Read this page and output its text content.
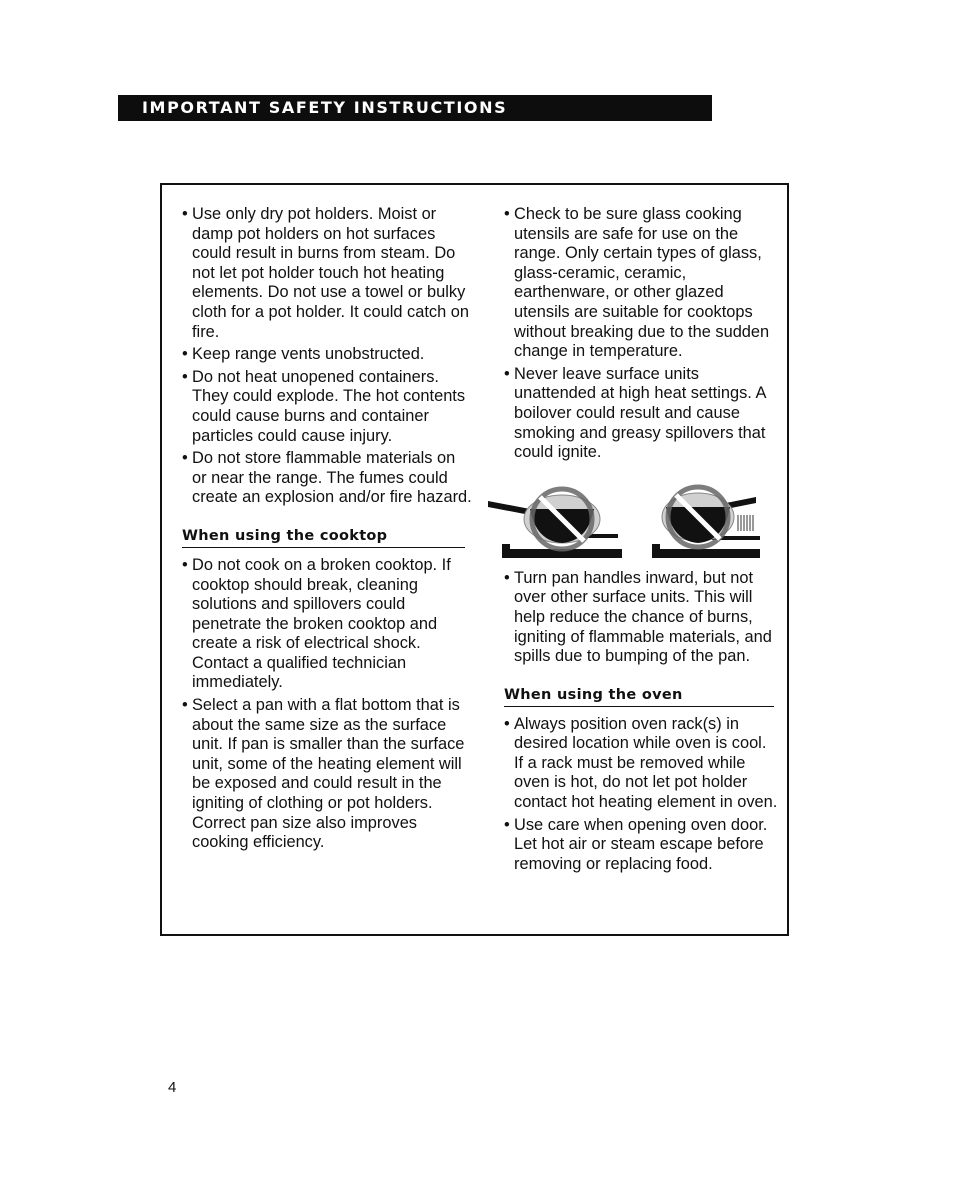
IMPORTANT SAFETY INSTRUCTIONS

• Use only dry pot holders. Moist or damp pot holders on hot surfaces could result in burns from steam. Do not let pot holder touch hot heating elements. Do not use a towel or bulky cloth for a pot holder. It could catch on fire.

• Keep range vents unobstructed.

• Do not heat unopened containers. They could explode. The hot contents could cause burns and container particles could cause injury.

• Do not store flammable materials on or near the range. The fumes could create an explosion and/or fire hazard.

When using the cooktop

• Do not cook on a broken cooktop. If cooktop should break, cleaning solutions and spillovers could penetrate the broken cooktop and create a risk of electrical shock. Contact a qualified technician immediately.

• Select a pan with a flat bottom that is about the same size as the surface unit. If pan is smaller than the surface unit, some of the heating element will be exposed and could result in the igniting of clothing or pot holders. Correct pan size also improves cooking efficiency.

• Check to be sure glass cooking utensils are safe for use on the range. Only certain types of glass, glass-ceramic, ceramic, earthenware, or other glazed utensils are suitable for cooktops without breaking due to the sudden change in temperature.

• Never leave surface units unattended at high heat settings. A boilover could result and cause smoking and greasy spillovers that could ignite.

• Turn pan handles inward, but not over other surface units. This will help reduce the chance of burns, igniting of flammable materials, and spills due to bumping of the pan.

When using the oven

• Always position oven rack(s) in desired location while oven is cool. If a rack must be removed while oven is hot, do not let pot holder contact hot heating element in oven.

• Use care when opening oven door. Let hot air or steam escape before removing or replacing food.

4
